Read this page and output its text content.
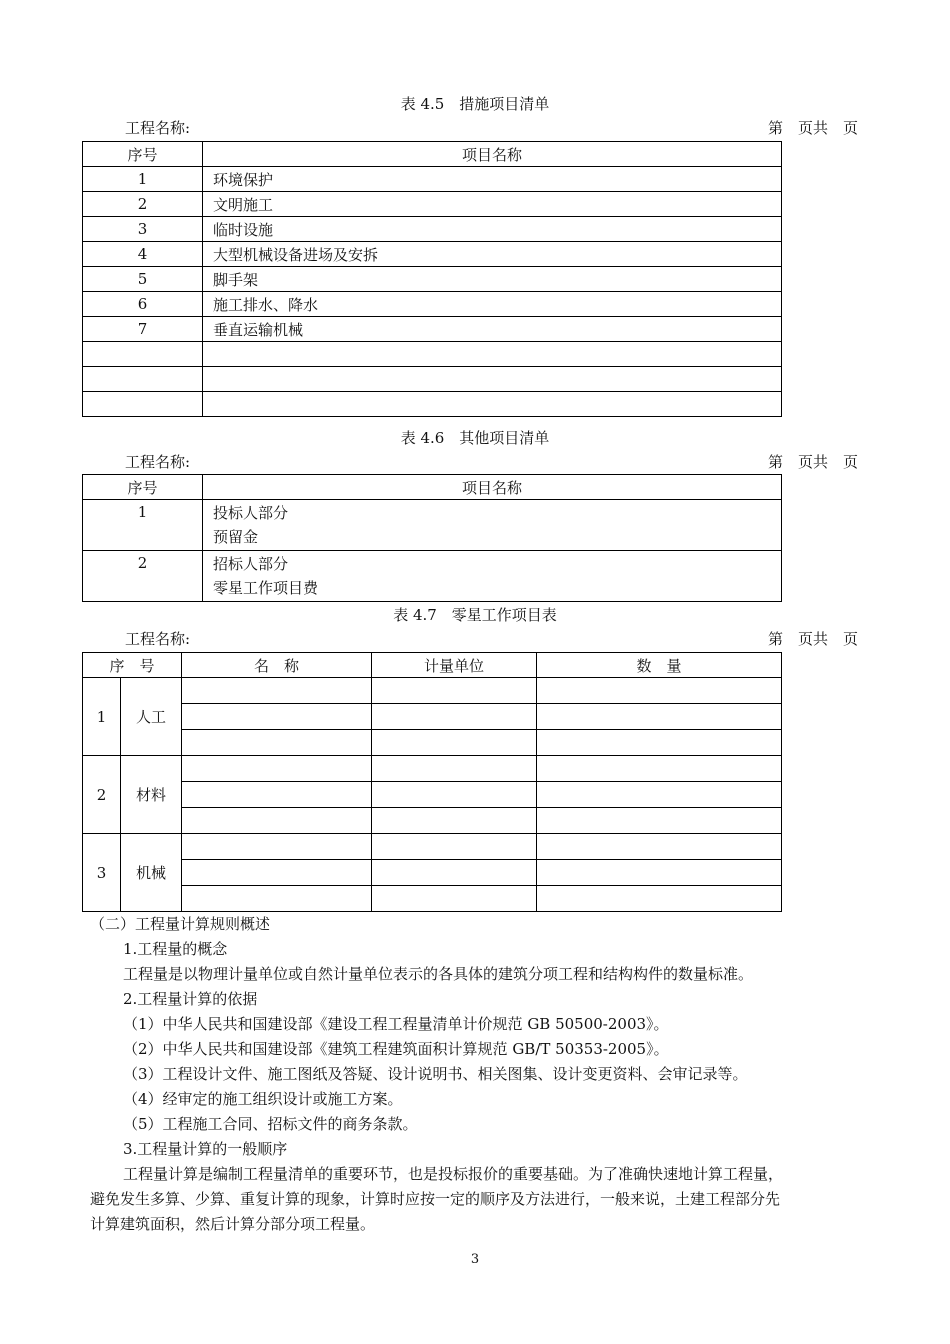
表 4.5　措施项目清单
工程名称:	第　页共　页
序号	项目名称
1	环境保护
2	文明施工
3	临时设施
4	大型机械设备进场及安拆
5	脚手架
6	施工排水、降水
7	垂直运输机械

表 4.6　其他项目清单
工程名称:	第　页共　页
序号	项目名称
1	投标人部分
预留金

2	招标人部分
零星工作项目费
表 4.7　零星工作项目表
工程名称:	第　页共　页
序　号		名　称	计量单位	数　量
1	人工			

2	材料			

3	机械			

（二）工程量计算规则概述
1.工程量的概念
工程量是以物理计量单位或自然计量单位表示的各具体的建筑分项工程和结构构件的数量标准。
2.工程量计算的依据
（1）中华人民共和国建设部《建设工程工程量清单计价规范 GB 50500-2003》。
（2）中华人民共和国建设部《建筑工程建筑面积计算规范 GB/T 50353-2005》。
（3）工程设计文件、施工图纸及答疑、设计说明书、相关图集、设计变更资料、会审记录等。
（4）经审定的施工组织设计或施工方案。
（5）工程施工合同、招标文件的商务条款。
3.工程量计算的一般顺序
工程量计算是编制工程量清单的重要环节，也是投标报价的重要基础。为了准确快速地计算工程量，
避免发生多算、少算、重复计算的现象，计算时应按一定的顺序及方法进行，一般来说，土建工程部分先
计算建筑面积，然后计算分部分项工程量。
3
